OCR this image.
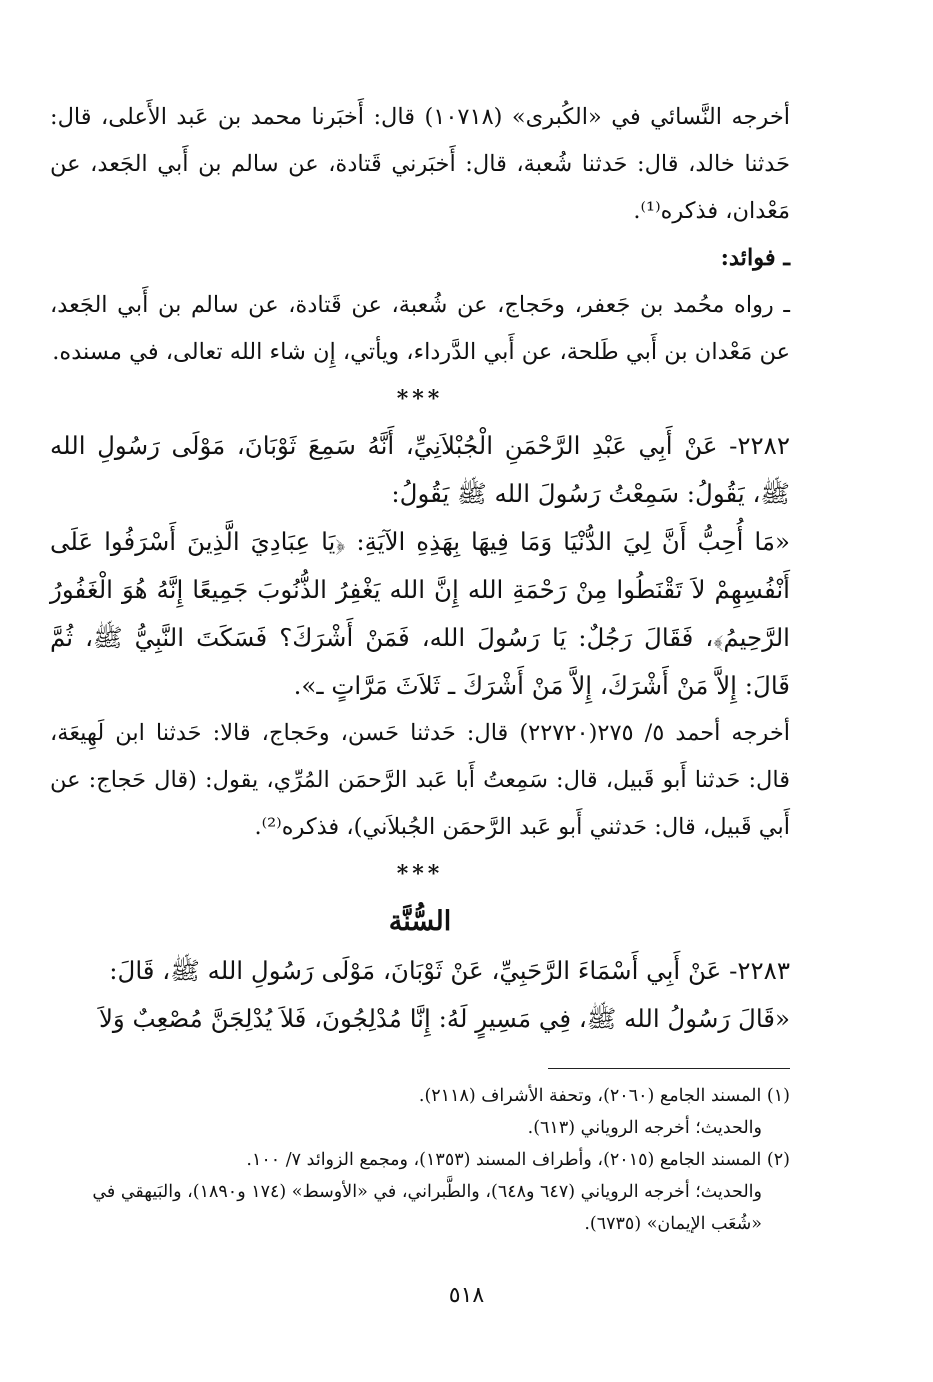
أخرجه النَّسائي في «الكُبرى» (١٠٧١٨) قال: أَخبَرنا محمد بن عَبد الأَعلى، قال: حَدثنا خالد، قال: حَدثنا شُعبة، قال: أَخبَرني قَتادة، عن سالم بن أَبي الجَعد، عن مَعْدان، فذكره⁽¹⁾.

ـ فوائد:

ـ رواه محُمد بن جَعفر، وحَجاج، عن شُعبة، عن قَتادة، عن سالم بن أَبي الجَعد، عن مَعْدان بن أَبي طَلحة، عن أَبي الدَّرداء، ويأتي، إِن شاء الله تعالى، في مسنده.

***

٢٢٨٢- عَنْ أَبِي عَبْدِ الرَّحْمَنِ الْجُبْلاَنِيِّ، أَنَّهُ سَمِعَ ثَوْبَانَ، مَوْلَى رَسُولِ الله ﷺ، يَقُولُ: سَمِعْتُ رَسُولَ الله ﷺ يَقُولُ:

«مَا أُحِبُّ أَنَّ لِيَ الدُّنْيَا وَمَا فِيهَا بِهَذِهِ الآيَةِ: ﴿يَا عِبَادِيَ الَّذِينَ أَسْرَفُوا عَلَى أَنْفُسِهِمْ لاَ تَقْنَطُوا مِنْ رَحْمَةِ الله إِنَّ الله يَغْفِرُ الذُّنُوبَ جَمِيعًا إِنَّهُ هُوَ الْغَفُورُ الرَّحِيمُ﴾، فَقَالَ رَجُلٌ: يَا رَسُولَ الله، فَمَنْ أَشْرَكَ؟ فَسَكَتَ النَّبِيُّ ﷺ، ثُمَّ قَالَ: إِلاَّ مَنْ أَشْرَكَ، إِلاَّ مَنْ أَشْرَكَ ـ ثَلاَثَ مَرَّاتٍ ـ».

أخرجه أحمد ٥/ ٢٧٥(٢٢٧٢٠) قال: حَدثنا حَسن، وحَجاج، قالا: حَدثنا ابن لَهِيعَة، قال: حَدثنا أَبو قَبيل، قال: سَمِعتُ أَبا عَبد الرَّحمَن المُرِّي، يقول: (قال حَجاج: عن أَبي قَبيل، قال: حَدثني أَبو عَبد الرَّحمَن الجُبلاَني)، فذكره⁽²⁾.

***

السُّنَّة

٢٢٨٣- عَنْ أَبِي أَسْمَاءَ الرَّحَبِيِّ، عَنْ ثَوْبَانَ، مَوْلَى رَسُولِ الله ﷺ، قَالَ:

«قَالَ رَسُولُ الله ﷺ، فِي مَسِيرٍ لَهُ: إِنَّا مُدْلِجُونَ، فَلاَ يُدْلِجَنَّ مُصْعِبٌ وَلاَ

(١) المسند الجامع (٢٠٦٠)، وتحفة الأشراف (٢١١٨).

والحديث؛ أخرجه الروياني (٦١٣).

(٢) المسند الجامع (٢٠١٥)، وأطراف المسند (١٣٥٣)، ومجمع الزوائد ٧/ ١٠٠.

والحديث؛ أخرجه الروياني (٦٤٧ و٦٤٨)، والطَّبراني، في «الأوسط» (١٧٤ و١٨٩٠)، والبَيهقي في «شُعَب الإيمان» (٦٧٣٥).

٥١٨
